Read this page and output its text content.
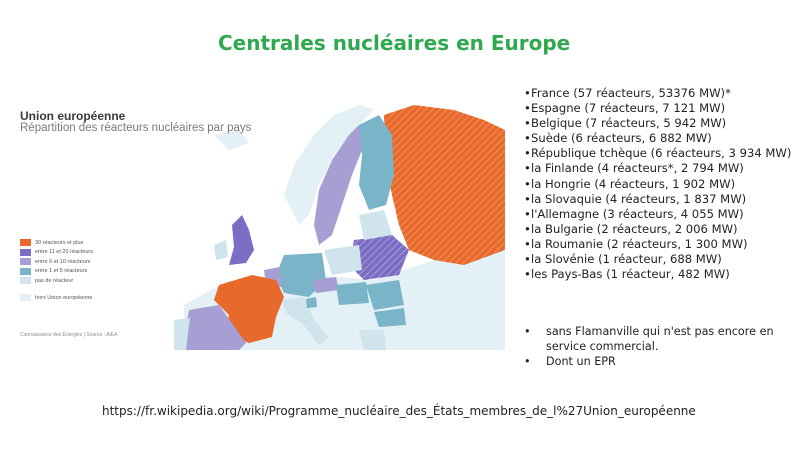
Centrales nucléaires en Europe
Union européenne
Répartition des réacteurs nucléaires par pays
30 réacteurs et plus
entre 11 et 20 réacteurs
entre 6 et 10 réacteurs
entre 1 et 5 réacteurs
pas de réacteur
hors Union européenne
Connaissance des Énergies | Source : AIEA
• France (57 réacteurs, 53376 MW)*
• Espagne (7 réacteurs, 7 121 MW)
• Belgique (7 réacteurs, 5 942 MW)
• Suède (6 réacteurs, 6 882 MW)
• République tchèque (6 réacteurs, 3 934 MW)
• la Finlande (4 réacteurs*, 2 794 MW)
• la Hongrie (4 réacteurs, 1 902 MW)
• la Slovaquie (4 réacteurs, 1 837 MW)
• l'Allemagne (3 réacteurs, 4 055 MW)
• la Bulgarie (2 réacteurs, 2 006 MW)
• la Roumanie (2 réacteurs, 1 300 MW)
• la Slovénie (1 réacteur, 688 MW)
• les Pays-Bas (1 réacteur, 482 MW)
•	sans Flamanville qui n'est pas encore en service commercial.
•	Dont un EPR
https://fr.wikipedia.org/wiki/Programme_nucléaire_des_États_membres_de_l%27Union_européenne
